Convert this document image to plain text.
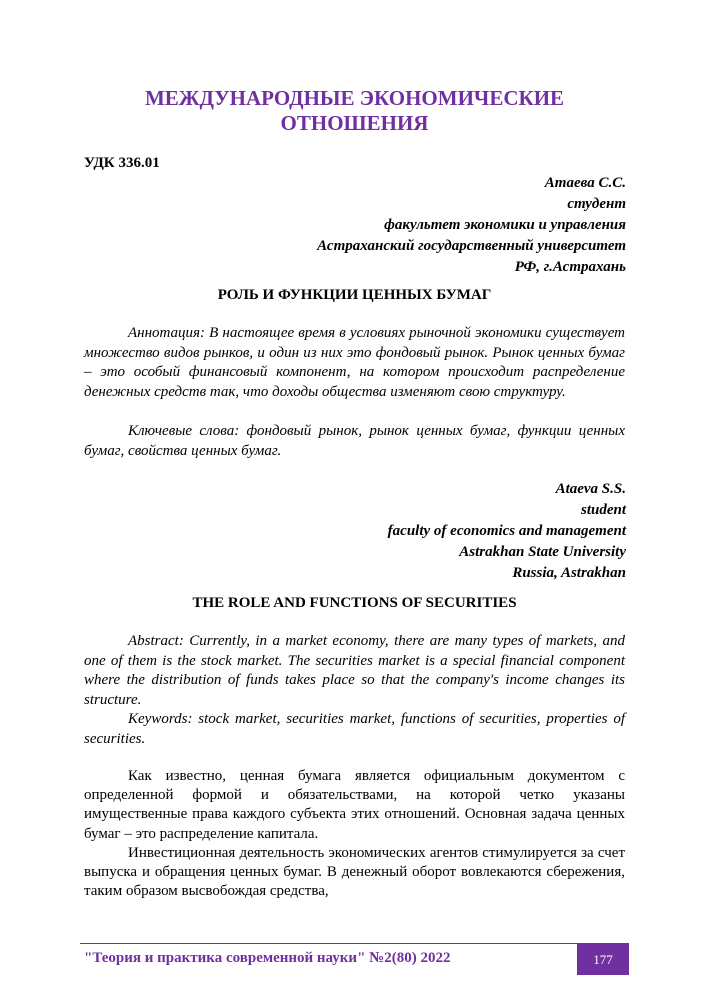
МЕЖДУНАРОДНЫЕ ЭКОНОМИЧЕСКИЕ
ОТНОШЕНИЯ
УДК 336.01
Атаева С.С.
студент
факультет экономики и управления
Астраханский государственный университет
РФ, г.Астрахань
РОЛЬ И ФУНКЦИИ ЦЕННЫХ БУМАГ
Аннотация: В настоящее время в условиях рыночной экономики существует множество видов рынков, и один из них это фондовый рынок. Рынок ценных бумаг – это особый финансовый компонент, на котором происходит распределение денежных средств так, что доходы общества изменяют свою структуру.
Ключевые слова: фондовый рынок, рынок ценных бумаг, функции ценных бумаг, свойства ценных бумаг.
Ataeva S.S.
student
faculty of economics and management
Astrakhan State University
Russia, Astrakhan
THE ROLE AND FUNCTIONS OF SECURITIES
Abstract: Currently, in a market economy, there are many types of markets, and one of them is the stock market. The securities market is a special financial component where the distribution of funds takes place so that the company's income changes its structure.
Keywords: stock market, securities market, functions of securities, properties of securities.
Как известно, ценная бумага является официальным документом с определенной формой и обязательствами, на которой четко указаны имущественные права каждого субъекта этих отношений. Основная задача ценных бумаг – это распределение капитала.
Инвестиционная деятельность экономических агентов стимулируется за счет выпуска и обращения ценных бумаг. В денежный оборот вовлекаются сбережения, таким образом высвобождая средства,
"Теория и практика современной науки" №2(80) 2022	177
